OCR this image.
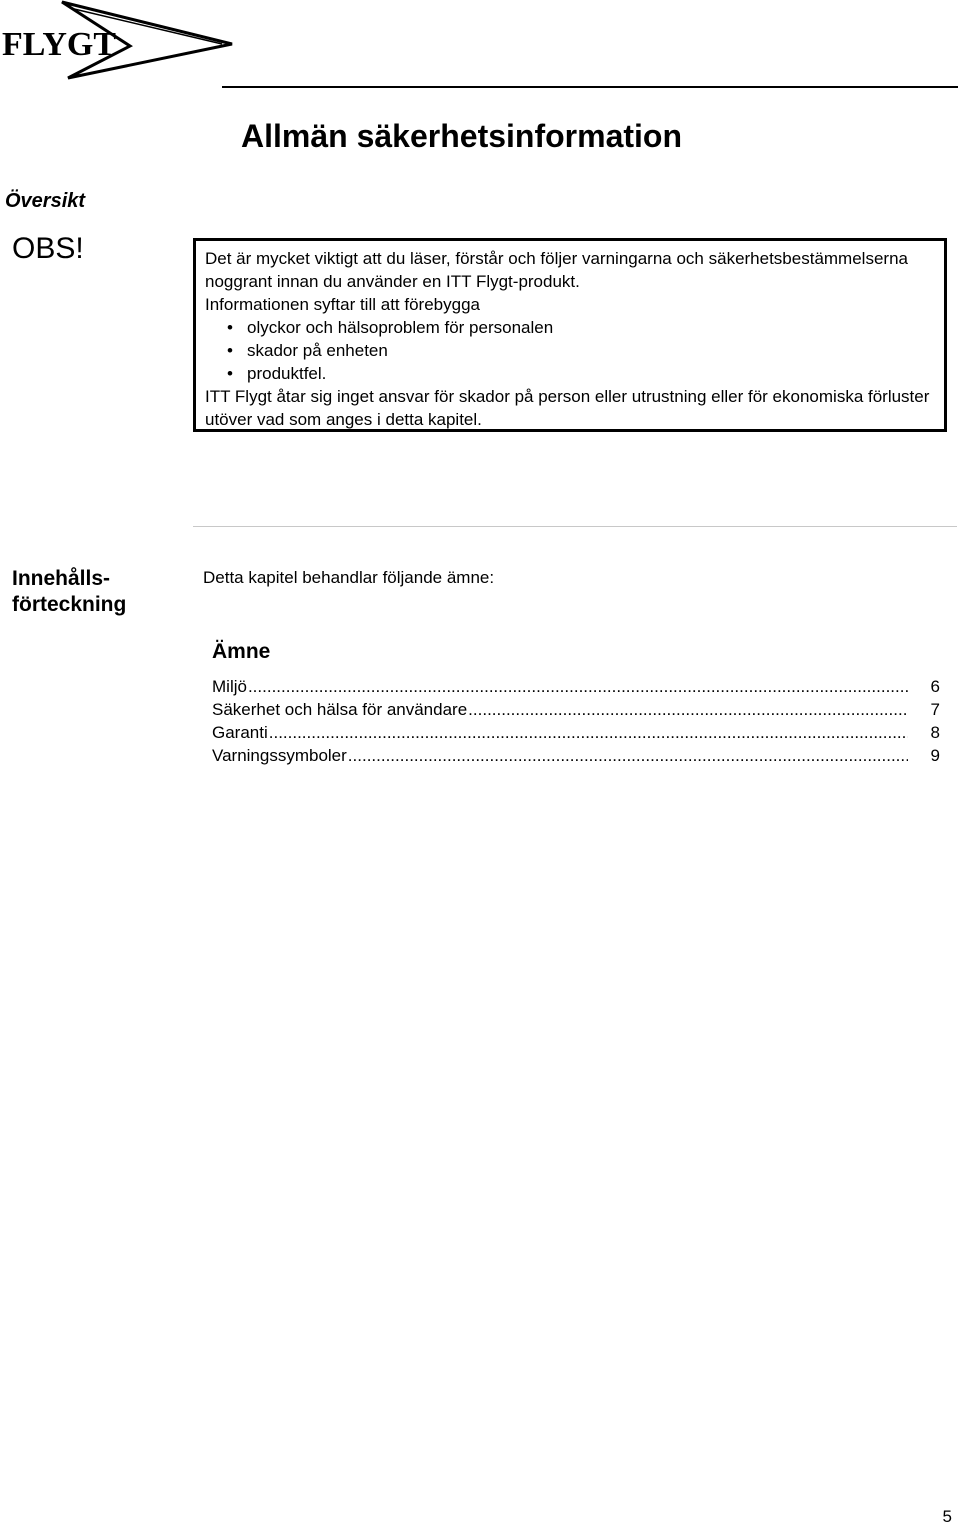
FLYGT
Allmän säkerhetsinformation
Översikt
OBS!	Det är mycket viktigt att du läser, förstår och följer varningarna och säkerhetsbestämmelserna noggrant innan du använder en ITT Flygt-produkt.

Informationen syftar till att förebygga

• olyckor och hälsoproblem för personalen
• skador på enheten
• produktfel.

ITT Flygt åtar sig inget ansvar för skador på person eller utrustning eller för ekonomiska förluster utöver vad som anges i detta kapitel.

Innehålls-
förteckning
Detta kapitel behandlar följande ämne:
Ämne
Miljö .....	6
Säkerhet och hälsa för användare .....	7
Garanti .....	8
Varningssymboler .....	9
5
